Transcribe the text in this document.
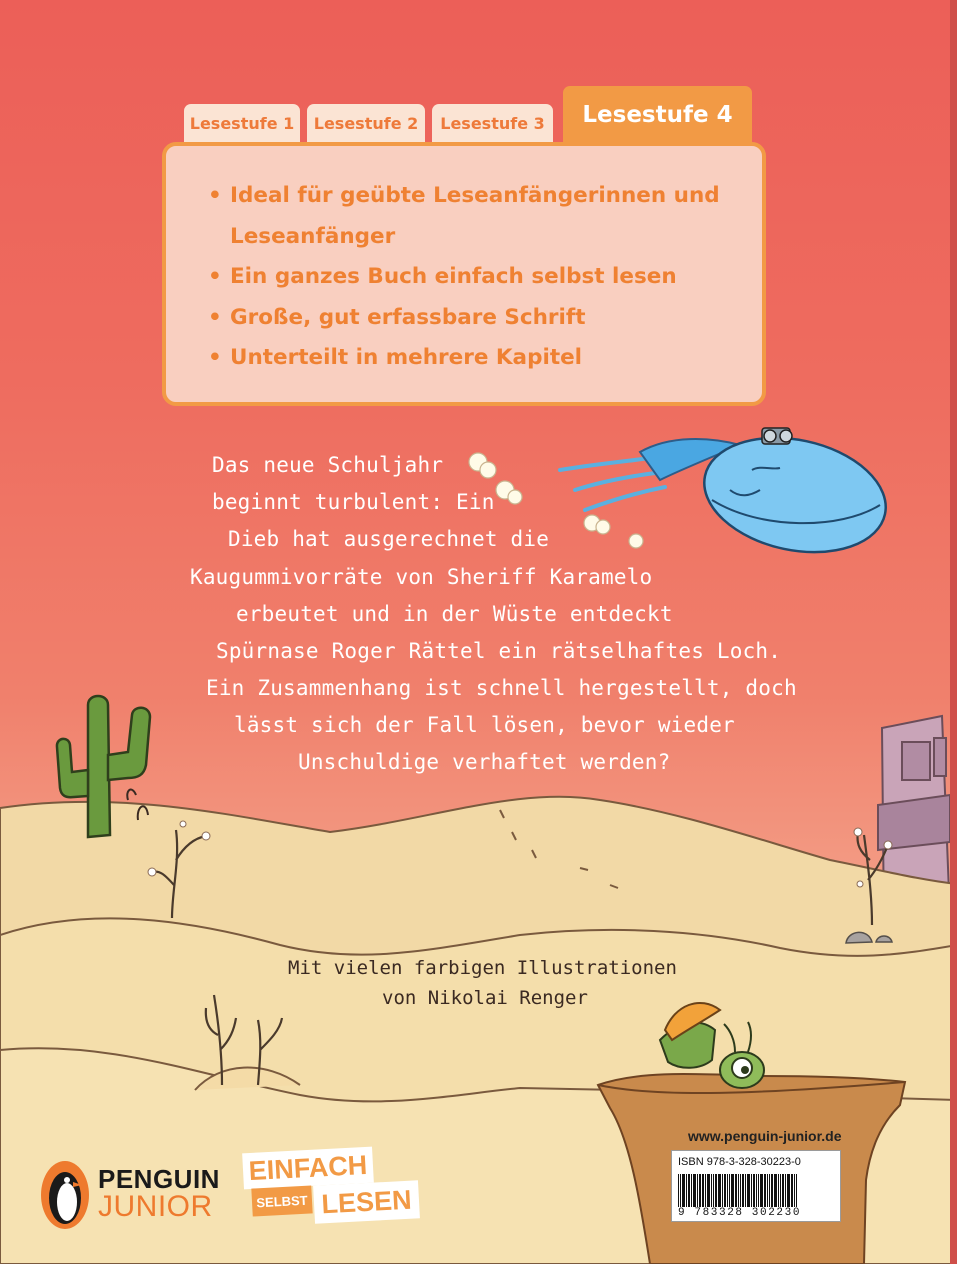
Lesestufe 1	Lesestufe 2	Lesestufe 3	Lesestufe 4
• Ideal für geübte Leseanfängerinnen und Leseanfänger
• Ein ganzes Buch einfach selbst lesen
• Große, gut erfassbare Schrift
• Unterteilt in mehrere Kapitel
Das neue Schuljahr
beginnt turbulent: Ein
Dieb hat ausgerechnet die
Kaugummivorräte von Sheriff Karamelo
erbeutet und in der Wüste entdeckt
Spürnase Roger Rättel ein rätselhaftes Loch.
Ein Zusammenhang ist schnell hergestellt, doch
lässt sich der Fall lösen, bevor wieder
Unschuldige verhaftet werden?
Mit vielen farbigen Illustrationen
von Nikolai Renger
www.penguin-junior.de
ISBN 978-3-328-30223-0
9 783328 302230
PENGUIN
JUNIOR
EINFACH
SELBST LESEN
